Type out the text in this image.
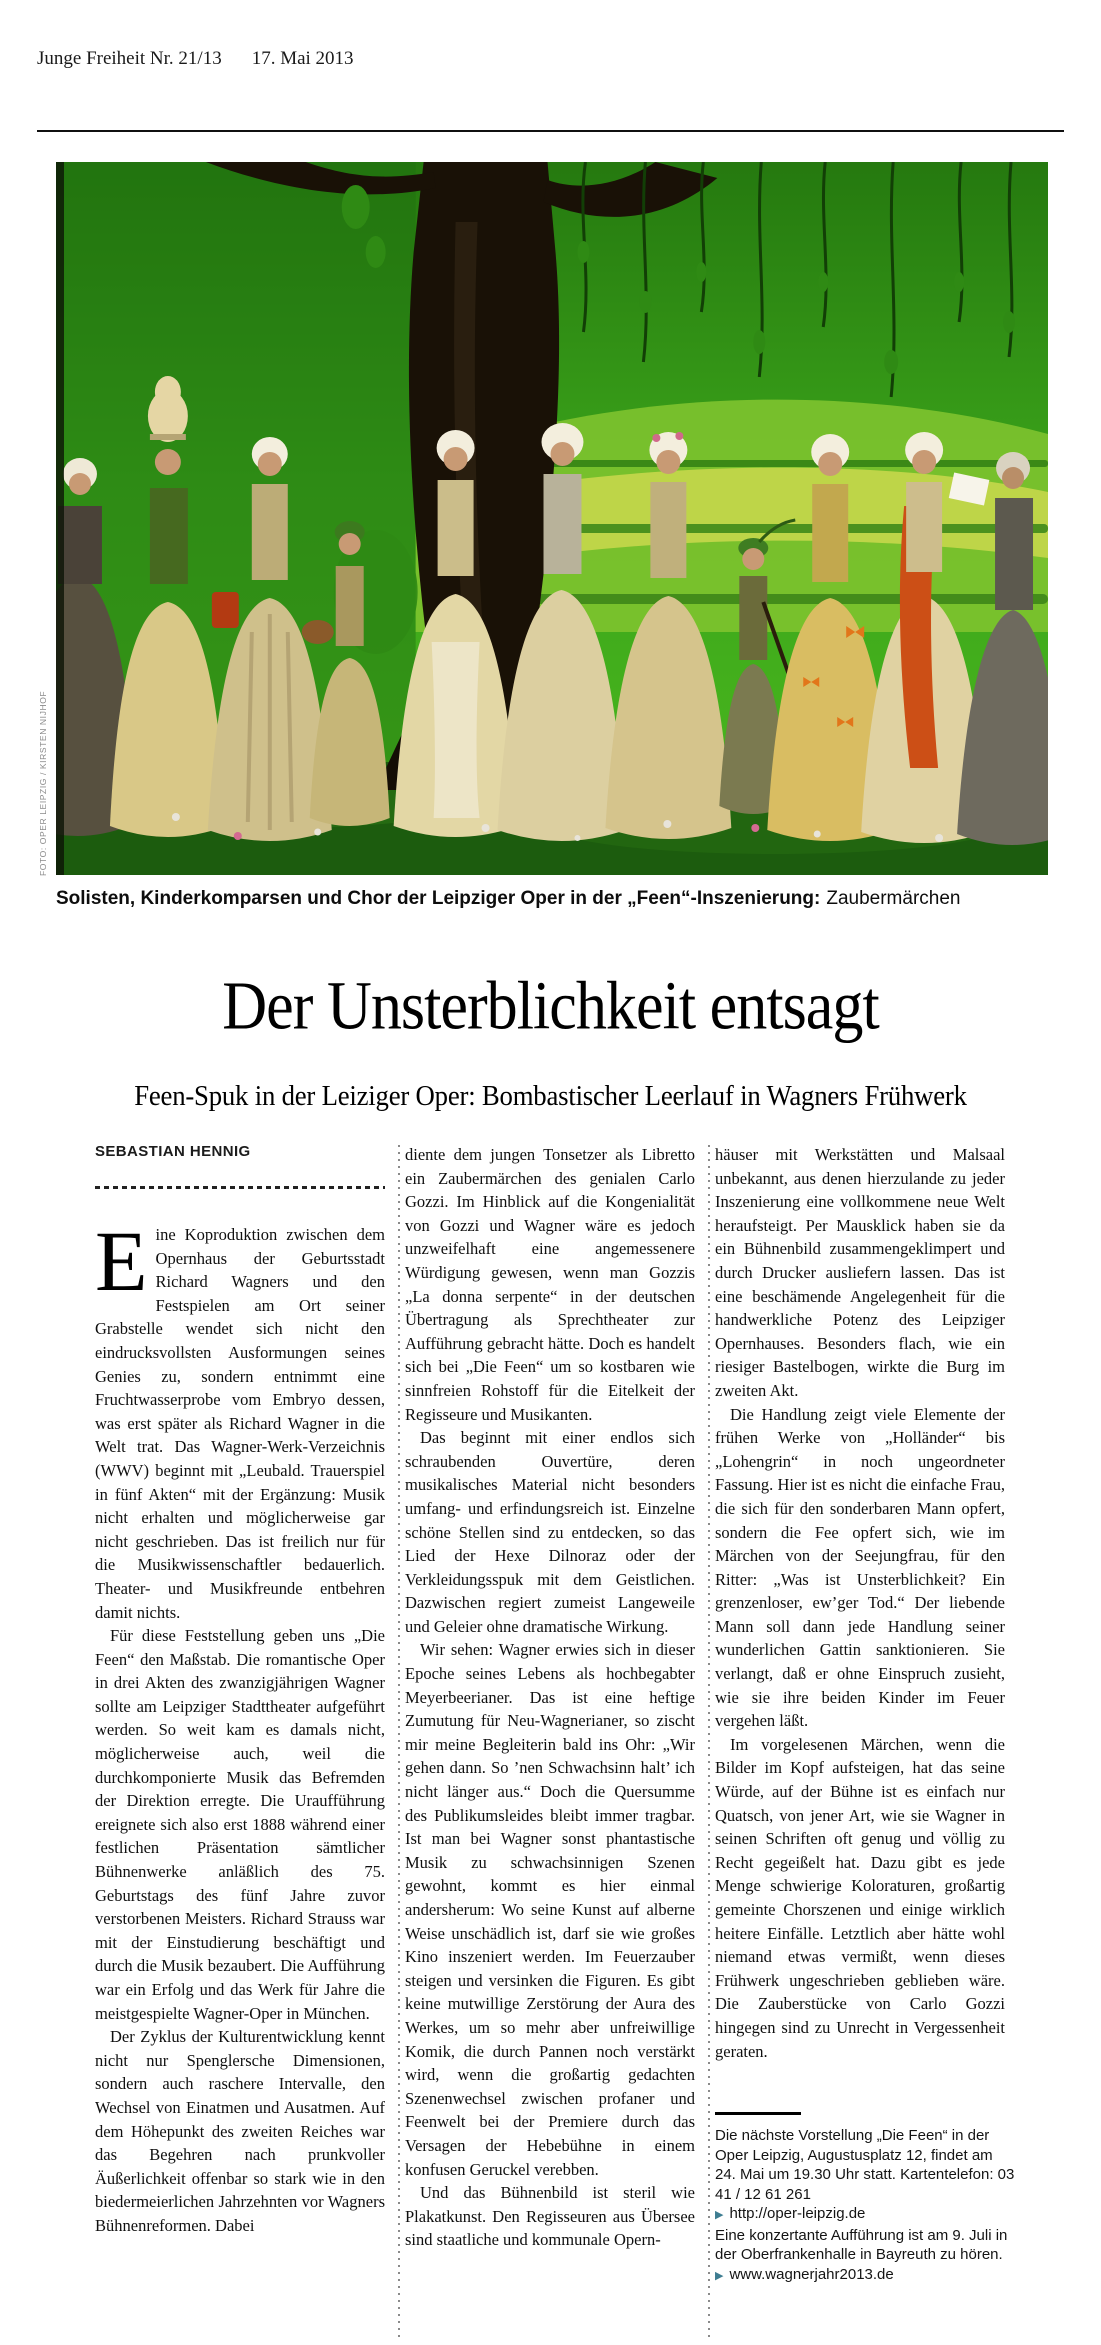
Junge Freiheit Nr. 21/13 17. Mai 2013
FOTO: OPER LEIPZIG / KIRSTEN NIJHOF
Solisten, Kinderkomparsen und Chor der Leipziger Oper in der „Feen“-Inszenierung: Zaubermärchen
Der Unsterblichkeit entsagt
Feen-Spuk in der Leiziger Oper: Bombastischer Leerlauf in Wagners Frühwerk
SEBASTIAN HENNIG

Eine Koproduktion zwischen dem Opernhaus der Geburtsstadt Richard Wagners und den Festspielen am Ort seiner Grabstelle wendet sich nicht den eindrucksvollsten Ausformungen seines Genies zu, sondern entnimmt eine Fruchtwasserprobe vom Embryo dessen, was erst später als Richard Wagner in die Welt trat. Das Wagner-Werk-Verzeichnis (WWV) beginnt mit „Leubald. Trauerspiel in fünf Akten“ mit der Ergänzung: Musik nicht erhalten und möglicherweise gar nicht geschrieben. Das ist freilich nur für die Musikwissenschaftler bedauerlich. Theater- und Musikfreunde entbehren damit nichts.

Für diese Feststellung geben uns „Die Feen“ den Maßstab. Die romantische Oper in drei Akten des zwanzigjährigen Wagner sollte am Leipziger Stadttheater aufgeführt werden. So weit kam es damals nicht, möglicherweise auch, weil die durchkomponierte Musik das Befremden der Direktion erregte. Die Uraufführung ereignete sich also erst 1888 während einer festlichen Präsentation sämtlicher Bühnenwerke anläßlich des 75. Geburtstags des fünf Jahre zuvor verstorbenen Meisters. Richard Strauss war mit der Einstudierung beschäftigt und durch die Musik bezaubert. Die Aufführung war ein Erfolg und das Werk für Jahre die meistgespielte Wagner-Oper in München.

Der Zyklus der Kulturentwicklung kennt nicht nur Spenglersche Dimensionen, sondern auch raschere Intervalle, den Wechsel von Einatmen und Ausatmen. Auf dem Höhepunkt des zweiten Reiches war das Begehren nach prunkvoller Äußerlichkeit offenbar so stark wie in den biedermeierlichen Jahrzehnten vor Wagners Bühnenreformen. Dabei

diente dem jungen Tonsetzer als Libretto ein Zaubermärchen des genialen Carlo Gozzi. Im Hinblick auf die Kongenialität von Gozzi und Wagner wäre es jedoch unzweifelhaft eine angemessenere Würdigung gewesen, wenn man Gozzis „La donna serpente“ in der deutschen Übertragung als Sprechtheater zur Aufführung gebracht hätte. Doch es handelt sich bei „Die Feen“ um so kostbaren wie sinnfreien Rohstoff für die Eitelkeit der Regisseure und Musikanten.

Das beginnt mit einer endlos sich schraubenden Ouvertüre, deren musikalisches Material nicht besonders umfang- und erfindungsreich ist. Einzelne schöne Stellen sind zu entdecken, so das Lied der Hexe Dilnoraz oder der Verkleidungsspuk mit dem Geistlichen. Dazwischen regiert zumeist Langeweile und Geleier ohne dramatische Wirkung.

Wir sehen: Wagner erwies sich in dieser Epoche seines Lebens als hochbegabter Meyerbeerianer. Das ist eine heftige Zumutung für Neu-Wagnerianer, so zischt mir meine Begleiterin bald ins Ohr: „Wir gehen dann. So ’nen Schwachsinn halt’ ich nicht länger aus.“ Doch die Quersumme des Publikumsleides bleibt immer tragbar. Ist man bei Wagner sonst phantastische Musik zu schwachsinnigen Szenen gewohnt, kommt es hier einmal andersherum: Wo seine Kunst auf alberne Weise unschädlich ist, darf sie wie großes Kino inszeniert werden. Im Feuerzauber steigen und versinken die Figuren. Es gibt keine mutwillige Zerstörung der Aura des Werkes, um so mehr aber unfreiwillige Komik, die durch Pannen noch verstärkt wird, wenn die großartig gedachten Szenenwechsel zwischen profaner und Feenwelt bei der Premiere durch das Versagen der Hebebühne in einem konfusen Geruckel verebben.

Und das Bühnenbild ist steril wie Plakatkunst. Den Regisseuren aus Übersee sind staatliche und kommunale Opern-

häuser mit Werkstätten und Malsaal unbekannt, aus denen hierzulande zu jeder Inszenierung eine vollkommene neue Welt heraufsteigt. Per Mausklick haben sie da ein Bühnenbild zusammengeklimpert und durch Drucker ausliefern lassen. Das ist eine beschämende Angelegenheit für die handwerkliche Potenz des Leipziger Opernhauses. Besonders flach, wie ein riesiger Bastelbogen, wirkte die Burg im zweiten Akt.

Die Handlung zeigt viele Elemente der frühen Werke von „Holländer“ bis „Lohengrin“ in noch ungeordneter Fassung. Hier ist es nicht die einfache Frau, die sich für den sonderbaren Mann opfert, sondern die Fee opfert sich, wie im Märchen von der Seejungfrau, für den Ritter: „Was ist Unsterblichkeit? Ein grenzenloser, ew’ger Tod.“ Der liebende Mann soll dann jede Handlung seiner wunderlichen Gattin sanktionieren. Sie verlangt, daß er ohne Einspruch zusieht, wie sie ihre beiden Kinder im Feuer vergehen läßt.

Im vorgelesenen Märchen, wenn die Bilder im Kopf aufsteigen, hat das seine Würde, auf der Bühne ist es einfach nur Quatsch, von jener Art, wie sie Wagner in seinen Schriften oft genug und völlig zu Recht gegeißelt hat. Dazu gibt es jede Menge schwierige Koloraturen, großartig gemeinte Chorszenen und einige wirklich heitere Einfälle. Letztlich aber hätte wohl niemand etwas vermißt, wenn dieses Frühwerk ungeschrieben geblieben wäre. Die Zauberstücke von Carlo Gozzi hingegen sind zu Unrecht in Vergessenheit geraten.

Die nächste Vorstellung „Die Feen“ in der Oper Leipzig, Augustusplatz 12, findet am 24. Mai um 19.30 Uhr statt. Kartentelefon: 03 41 / 12 61 261

▶ http://oper-leipzig.de

Eine konzertante Aufführung ist am 9. Juli in der Oberfrankenhalle in Bayreuth zu hören.

▶ www.wagnerjahr2013.de
